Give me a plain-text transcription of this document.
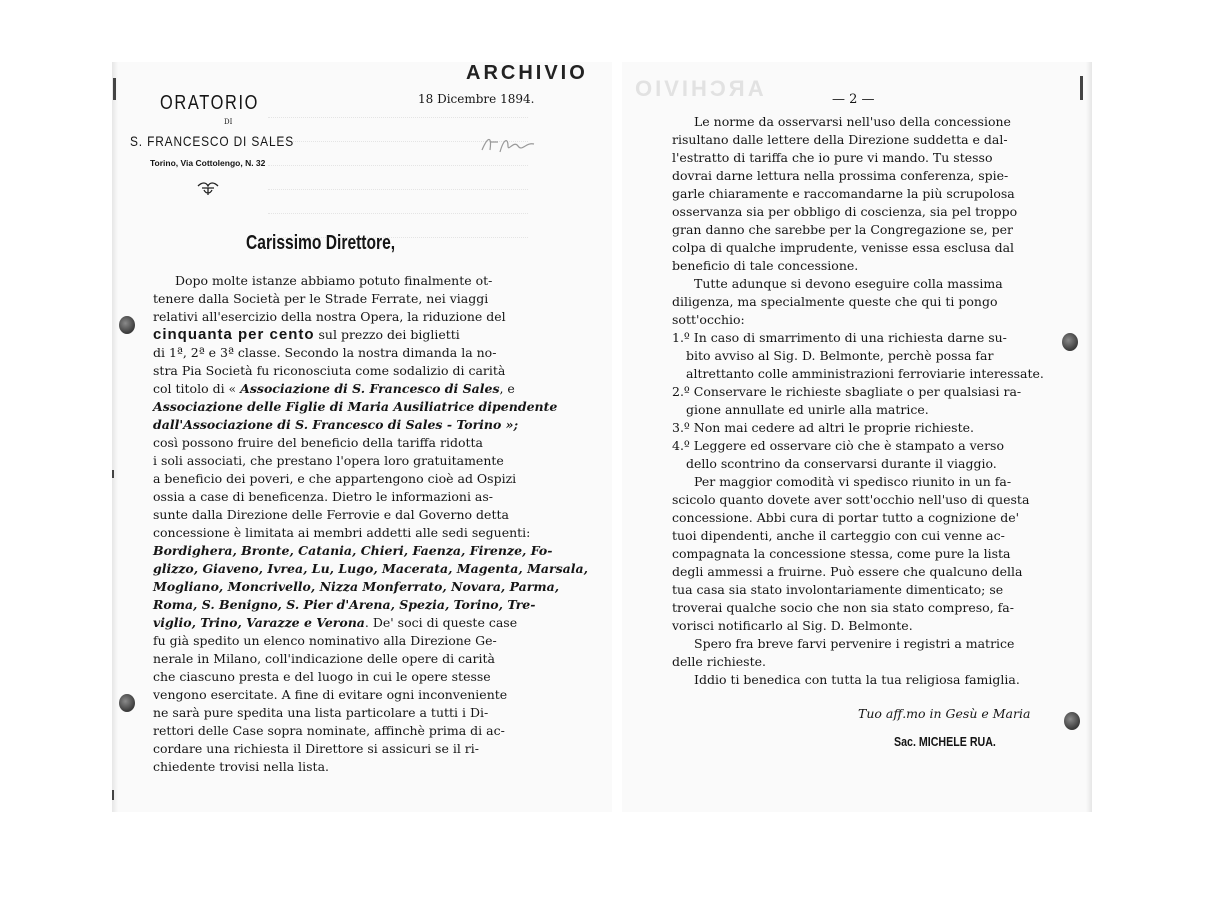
ARCHIVIO
ARCHIVIO
ORATORIO
DI
S. FRANCESCO DI SALES
Torino, Via Cottolengo, N. 32
18 Dicembre 1894.
Carissimo Direttore,
Dopo molte istanze abbiamo potuto finalmente ot-
tenere dalla Società per le Strade Ferrate, nei viaggi
relativi all'esercizio della nostra Opera, la riduzione del
cinquanta per cento sul prezzo dei biglietti
di 1ª, 2ª e 3ª classe. Secondo la nostra dimanda la no-
stra Pia Società fu riconosciuta come sodalizio di carità
col titolo di « Associazione di S. Francesco di Sales, e
Associazione delle Figlie di Maria Ausiliatrice dipendente
dall'Associazione di S. Francesco di Sales - Torino »;
così possono fruire del beneficio della tariffa ridotta
i soli associati, che prestano l'opera loro gratuitamente
a beneficio dei poveri, e che appartengono cioè ad Ospizi
ossia a case di beneficenza. Dietro le informazioni as-
sunte dalla Direzione delle Ferrovie e dal Governo detta
concessione è limitata ai membri addetti alle sedi seguenti:
Bordighera, Bronte, Catania, Chieri, Faenza, Firenze, Fo-
glizzo, Giaveno, Ivrea, Lu, Lugo, Macerata, Magenta, Marsala,
Mogliano, Moncrivello, Nizza Monferrato, Novara, Parma,
Roma, S. Benigno, S. Pier d'Arena, Spezia, Torino, Tre-
viglio, Trino, Varazze e Verona. De' soci di queste case
fu già spedito un elenco nominativo alla Direzione Ge-
nerale in Milano, coll'indicazione delle opere di carità
che ciascuno presta e del luogo in cui le opere stesse
vengono esercitate. A fine di evitare ogni inconveniente
ne sarà pure spedita una lista particolare a tutti i Di-
rettori delle Case sopra nominate, affinchè prima di ac-
cordare una richiesta il Direttore si assicuri se il ri-
chiedente trovisi nella lista.
— 2 —
Le norme da osservarsi nell'uso della concessione
risultano dalle lettere della Direzione suddetta e dal-
l'estratto di tariffa che io pure vi mando. Tu stesso
dovrai darne lettura nella prossima conferenza, spie-
garle chiaramente e raccomandarne la più scrupolosa
osservanza sia per obbligo di coscienza, sia pel troppo
gran danno che sarebbe per la Congregazione se, per
colpa di qualche imprudente, venisse essa esclusa dal
beneficio di tale concessione.
Tutte adunque si devono eseguire colla massima
diligenza, ma specialmente queste che qui ti pongo
sott'occhio:
1.º In caso di smarrimento di una richiesta darne su-
bito avviso al Sig. D. Belmonte, perchè possa far
altrettanto colle amministrazioni ferroviarie interessate.
2.º Conservare le richieste sbagliate o per qualsiasi ra-
gione annullate ed unirle alla matrice.
3.º Non mai cedere ad altri le proprie richieste.
4.º Leggere ed osservare ciò che è stampato a verso
dello scontrino da conservarsi durante il viaggio.
Per maggior comodità vi spedisco riunito in un fa-
scicolo quanto dovete aver sott'occhio nell'uso di questa
concessione. Abbi cura di portar tutto a cognizione de'
tuoi dipendenti, anche il carteggio con cui venne ac-
compagnata la concessione stessa, come pure la lista
degli ammessi a fruirne. Può essere che qualcuno della
tua casa sia stato involontariamente dimenticato; se
troverai qualche socio che non sia stato compreso, fa-
vorisci notificarlo al Sig. D. Belmonte.
Spero fra breve farvi pervenire i registri a matrice
delle richieste.
Iddio ti benedica con tutta la tua religiosa famiglia.
Tuo aff.mo in Gesù e Maria
Sac. MICHELE RUA.
